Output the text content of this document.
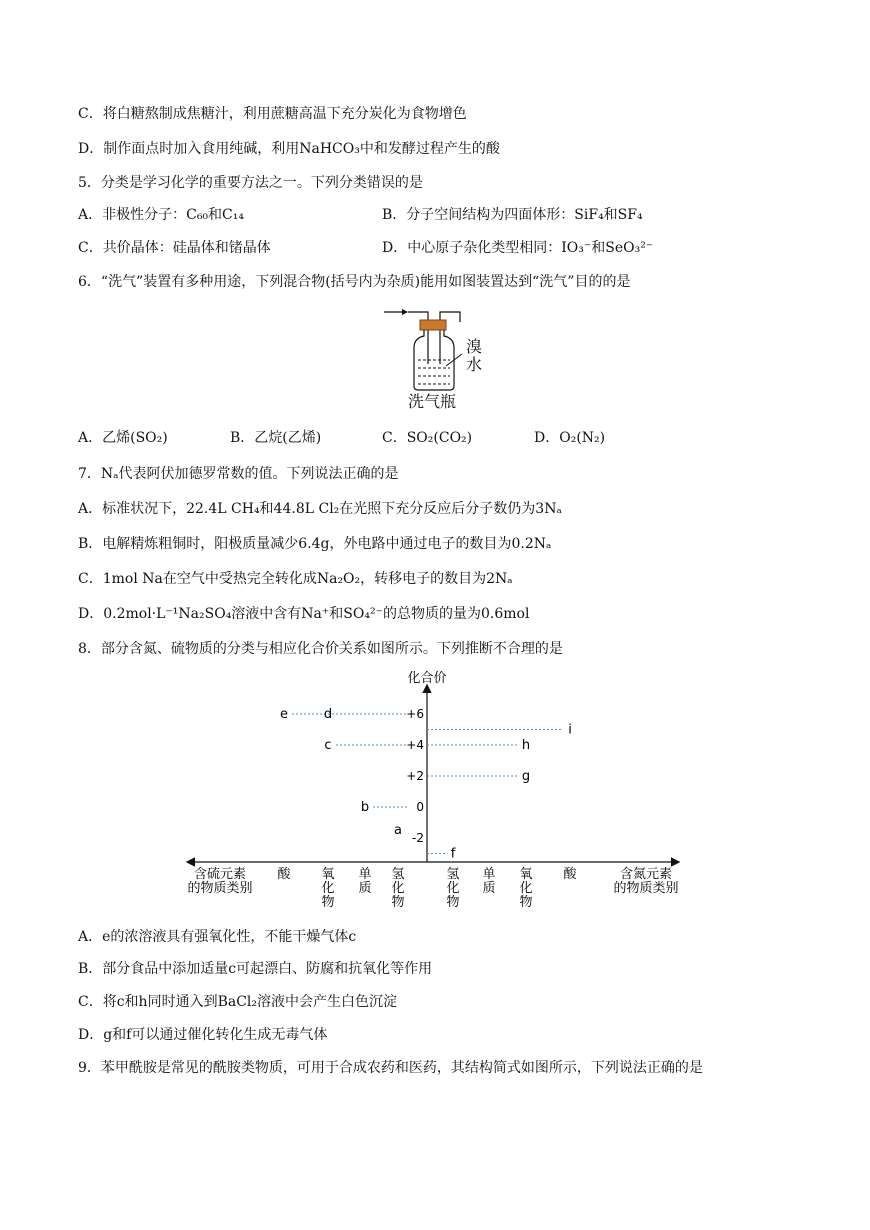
C．将白糖熬制成焦糖汁，利用蔗糖高温下充分炭化为食物增色
D．制作面点时加入食用纯碱，利用NaHCO₃中和发酵过程产生的酸
5．分类是学习化学的重要方法之一。下列分类错误的是
A．非极性分子：C₆₀和C₁₄	B．分子空间结构为四面体形：SiF₄和SF₄
C．共价晶体：硅晶体和锗晶体	D．中心原子杂化类型相同：IO₃⁻和SeO₃²⁻
6．“洗气”装置有多种用途，下列混合物(括号内为杂质)能用如图装置达到“洗气”目的的是
溴水
洗气瓶
A．乙烯(SO₂)	B．乙烷(乙烯)	C．SO₂(CO₂)	D．O₂(N₂)
7．Nₐ代表阿伏加德罗常数的值。下列说法正确的是
A．标准状况下，22.4L CH₄和44.8L Cl₂在光照下充分反应后分子数仍为3Nₐ
B．电解精炼粗铜时，阳极质量减少6.4g，外电路中通过电子的数目为0.2Nₐ
C．1mol Na在空气中受热完全转化成Na₂O₂，转移电子的数目为2Nₐ
D．0.2mol·L⁻¹Na₂SO₄溶液中含有Na⁺和SO₄²⁻的总物质的量为0.6mol
8．部分含氮、硫物质的分类与相应化合价关系如图所示。下列推断不合理的是
化合价
+6
+4
+2
0
-2
含硫元素的物质类别
含氮元素的物质类别
酸 氧化物
单质
氢化物
氢化物
单质
氧化物
酸
e	d
c
b
a
i
h
g
f
A．e的浓溶液具有强氧化性，不能干燥气体c
B．部分食品中添加适量c可起漂白、防腐和抗氧化等作用
C．将c和h同时通入到BaCl₂溶液中会产生白色沉淀
D．g和f可以通过催化转化生成无毒气体
9．苯甲酰胺是常见的酰胺类物质，可用于合成农药和医药，其结构简式如图所示，下列说法正确的是
